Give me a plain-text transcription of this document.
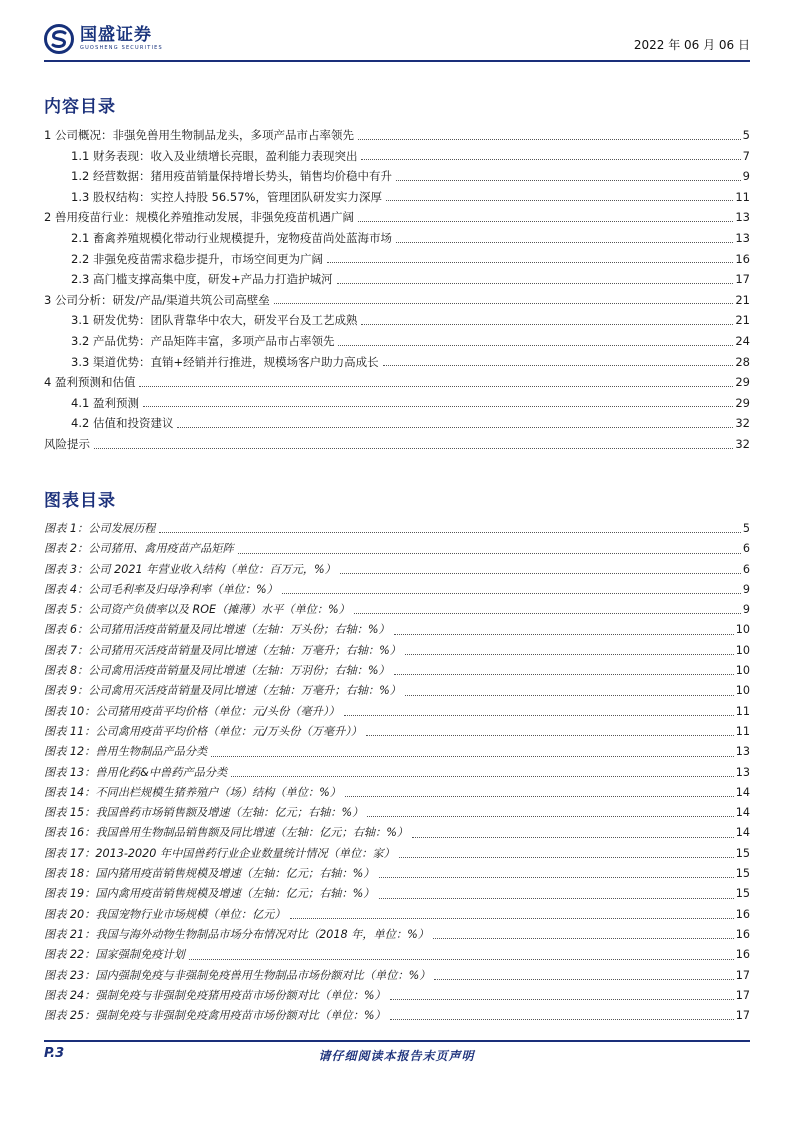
国盛证券
GUOSHENG SECURITIES	2022 年 06 月 06 日
内容目录
1 公司概况：非强免兽用生物制品龙头，多项产品市占率领先	5
1.1 财务表现：收入及业绩增长亮眼，盈利能力表现突出	7
1.2 经营数据：猪用疫苗销量保持增长势头，销售均价稳中有升	9
1.3 股权结构：实控人持股 56.57%，管理团队研发实力深厚	11
2 兽用疫苗行业：规模化养殖推动发展，非强免疫苗机遇广阔	13
2.1 畜禽养殖规模化带动行业规模提升，宠物疫苗尚处蓝海市场	13
2.2 非强免疫苗需求稳步提升，市场空间更为广阔	16
2.3 高门槛支撑高集中度，研发+产品力打造护城河	17
3 公司分析：研发/产品/渠道共筑公司高壁垒	21
3.1 研发优势：团队背靠华中农大，研发平台及工艺成熟	21
3.2 产品优势：产品矩阵丰富，多项产品市占率领先	24
3.3 渠道优势：直销+经销并行推进，规模场客户助力高成长	28
4 盈利预测和估值	29
4.1 盈利预测	29
4.2 估值和投资建议	32
风险提示	32
图表目录
图表 1：公司发展历程	5
图表 2：公司猪用、禽用疫苗产品矩阵	6
图表 3：公司 2021 年营业收入结构（单位：百万元，%）	6
图表 4：公司毛利率及归母净利率（单位：%）	9
图表 5：公司资产负债率以及 ROE（摊薄）水平（单位：%）	9
图表 6：公司猪用活疫苗销量及同比增速（左轴：万头份；右轴：%）	10
图表 7：公司猪用灭活疫苗销量及同比增速（左轴：万毫升；右轴：%）	10
图表 8：公司禽用活疫苗销量及同比增速（左轴：万羽份；右轴：%）	10
图表 9：公司禽用灭活疫苗销量及同比增速（左轴：万毫升；右轴：%）	10
图表 10：公司猪用疫苗平均价格（单位：元/头份（毫升））	11
图表 11：公司禽用疫苗平均价格（单位：元/万头份（万毫升））	11
图表 12：兽用生物制品产品分类	13
图表 13：兽用化药&中兽药产品分类	13
图表 14：不同出栏规模生猪养殖户（场）结构（单位：%）	14
图表 15：我国兽药市场销售额及增速（左轴：亿元；右轴：%）	14
图表 16：我国兽用生物制品销售额及同比增速（左轴：亿元；右轴：%）	14
图表 17：2013-2020 年中国兽药行业企业数量统计情况（单位：家）	15
图表 18：国内猪用疫苗销售规模及增速（左轴：亿元；右轴：%）	15
图表 19：国内禽用疫苗销售规模及增速（左轴：亿元；右轴：%）	15
图表 20：我国宠物行业市场规模（单位：亿元）	16
图表 21：我国与海外动物生物制品市场分布情况对比（2018 年，单位：%）	16
图表 22：国家强制免疫计划	16
图表 23：国内强制免疫与非强制免疫兽用生物制品市场份额对比（单位：%）	17
图表 24：强制免疫与非强制免疫猪用疫苗市场份额对比（单位：%）	17
图表 25：强制免疫与非强制免疫禽用疫苗市场份额对比（单位：%）	17
P.3	请仔细阅读本报告末页声明
